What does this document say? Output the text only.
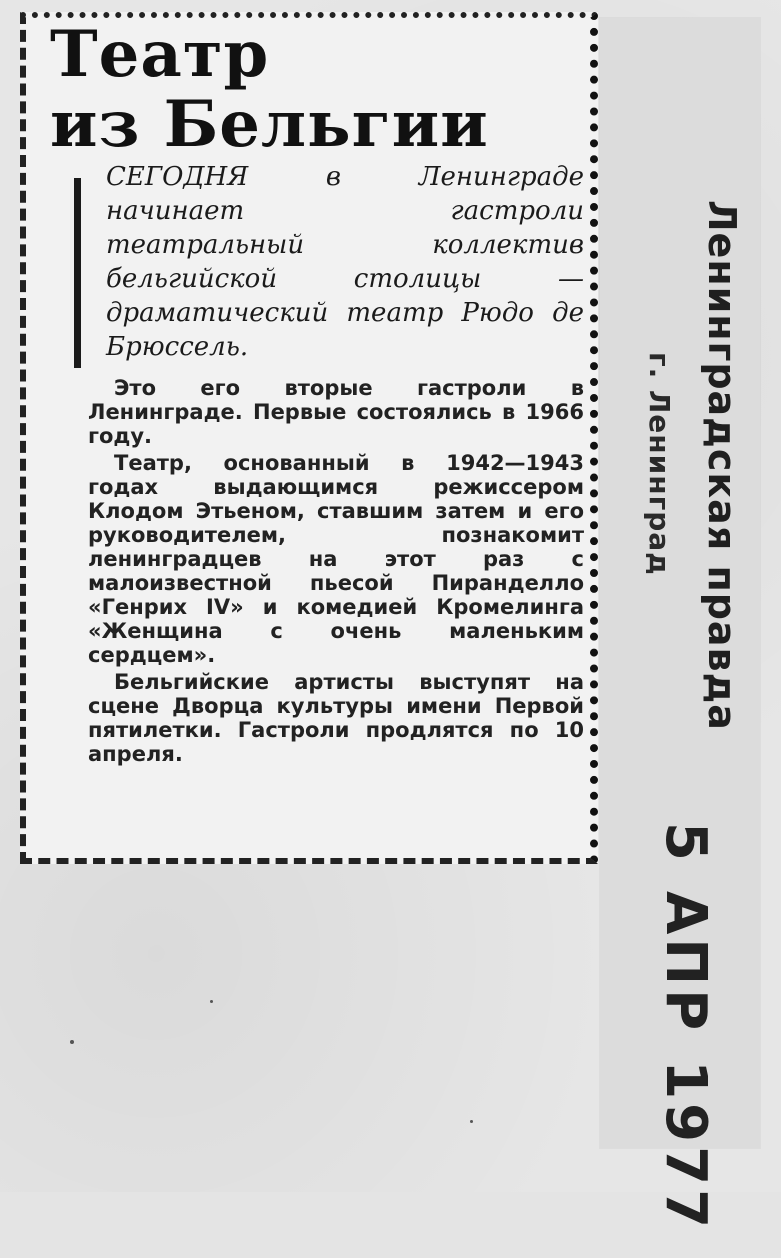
Театр
из Бельгии
СЕГОДНЯ в Ленинграде начинает гастроли театральный коллектив бельгийской столицы — драматический театр Рюдо де Брюссель.

Это его вторые гастроли в Ленинграде. Первые состоялись в 1966 году.

Театр, основанный в 1942—1943 годах выдающимся режиссером Клодом Этьеном, ставшим затем и его руководителем, познакомит ленинградцев на этот раз с малоизвестной пьесой Пиранделло «Генрих IV» и комедией Кромелинга «Женщина с очень маленьким сердцем».

Бельгийские артисты выступят на сцене Дворца культуры имени Первой пятилетки. Гастроли продлятся по 10 апреля.

Ленинградская правда
г. Ленинград
5АПР1977
